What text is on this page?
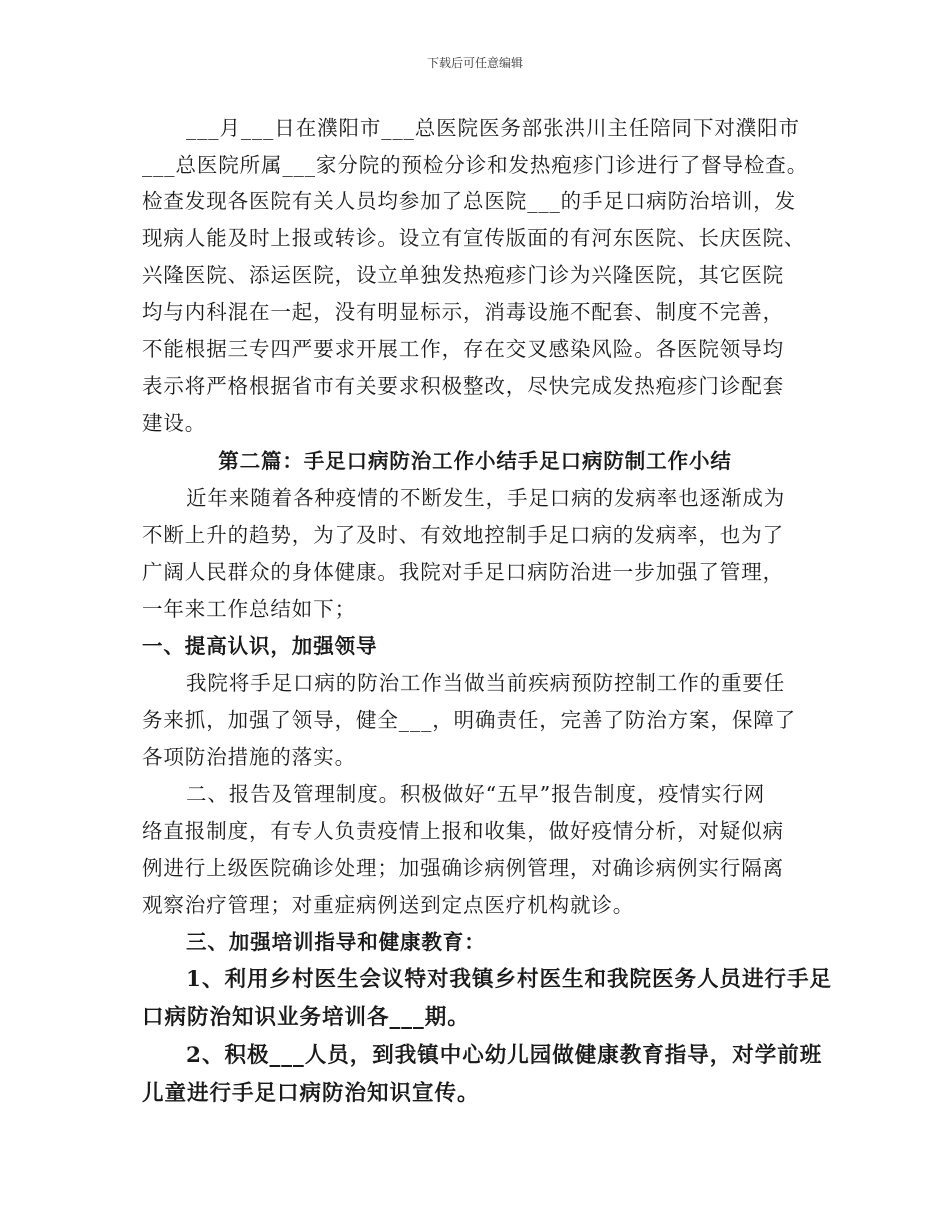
下载后可任意编辑
___月___日在濮阳市___总医院医务部张洪川主任陪同下对濮阳市
___总医院所属___家分院的预检分诊和发热疱疹门诊进行了督导检查。
检查发现各医院有关人员均参加了总医院___的手足口病防治培训，发
现病人能及时上报或转诊。设立有宣传版面的有河东医院、长庆医院、
兴隆医院、添运医院，设立单独发热疱疹门诊为兴隆医院，其它医院
均与内科混在一起，没有明显标示，消毒设施不配套、制度不完善，
不能根据三专四严要求开展工作，存在交叉感染风险。各医院领导均
表示将严格根据省市有关要求积极整改，尽快完成发热疱疹门诊配套
建设。
第二篇：手足口病防治工作小结手足口病防制工作小结
近年来随着各种疫情的不断发生，手足口病的发病率也逐渐成为
不断上升的趋势，为了及时、有效地控制手足口病的发病率，也为了
广阔人民群众的身体健康。我院对手足口病防治进一步加强了管理，
一年来工作总结如下；
一、提高认识，加强领导
我院将手足口病的防治工作当做当前疾病预防控制工作的重要任
务来抓，加强了领导，健全___，明确责任，完善了防治方案，保障了
各项防治措施的落实。
二、报告及管理制度。积极做好“五早”报告制度，疫情实行网
络直报制度，有专人负责疫情上报和收集，做好疫情分析，对疑似病
例进行上级医院确诊处理；加强确诊病例管理，对确诊病例实行隔离
观察治疗管理；对重症病例送到定点医疗机构就诊。
三、加强培训指导和健康教育：
1、利用乡村医生会议特对我镇乡村医生和我院医务人员进行手足
口病防治知识业务培训各___期。
2、积极___人员，到我镇中心幼儿园做健康教育指导，对学前班
儿童进行手足口病防治知识宣传。
